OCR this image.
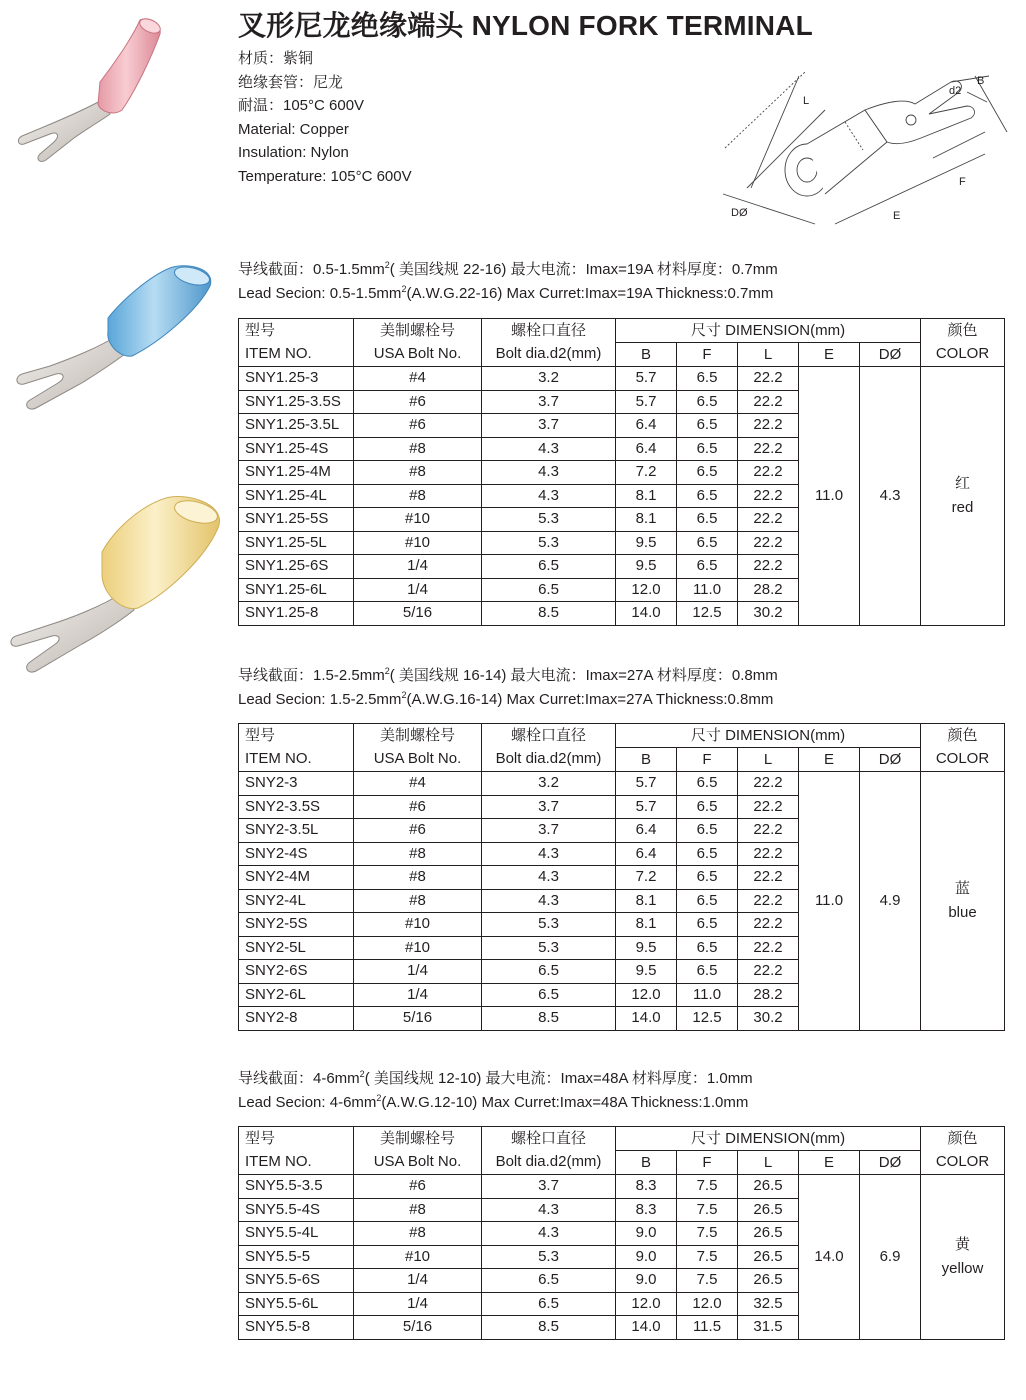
叉形尼龙绝缘端头 NYLON FORK TERMINAL
材质：紫铜
绝缘套管：尼龙
耐温：105°C 600V
Material: Copper
Insulation: Nylon
Temperature: 105°C 600V
L
B
d2
F
E
DØ
导线截面：$0.5-1.5mm^2$( 美国线规 22-16) 最大电流：Imax=19A 材料厚度：0.7mm
Lead Secion: $0.5-1.5mm^2(A.W.G.22-16)$ Max Curret:Imax=19A Thickness:0.7mm
型号	美制螺栓号	螺栓口直径	尺寸 DIMENSION(mm)					颜色
ITEM NO.	USA Bolt No.	Bolt dia.d2(mm)	B	F	L	E	DØ	COLOR
SNY1.25-3	#4	3.2	5.7	6.5	22.2	11.0	4.3	红
red

SNY1.25-3.5S	#6	3.7	5.7	6.5	22.2			
SNY1.25-3.5L	#6	3.7	6.4	6.5	22.2			
SNY1.25-4S	#8	4.3	6.4	6.5	22.2			
SNY1.25-4M	#8	4.3	7.2	6.5	22.2			
SNY1.25-4L	#8	4.3	8.1	6.5	22.2			
SNY1.25-5S	#10	5.3	8.1	6.5	22.2			
SNY1.25-5L	#10	5.3	9.5	6.5	22.2			
SNY1.25-6S	1/4	6.5	9.5	6.5	22.2			
SNY1.25-6L	1/4	6.5	12.0	11.0	28.2			
SNY1.25-8	5/16	8.5	14.0	12.5	30.2			
导线截面：$1.5-2.5mm^2$( 美国线规 16-14) 最大电流：Imax=27A 材料厚度：0.8mm
Lead Secion: $1.5-2.5mm^2(A.W.G.16-14)$ Max Curret:Imax=27A Thickness:0.8mm
型号	美制螺栓号	螺栓口直径	尺寸 DIMENSION(mm)					颜色
ITEM NO.	USA Bolt No.	Bolt dia.d2(mm)	B	F	L	E	DØ	COLOR
SNY2-3	#4	3.2	5.7	6.5	22.2	11.0	4.9	蓝
blue

SNY2-3.5S	#6	3.7	5.7	6.5	22.2			
SNY2-3.5L	#6	3.7	6.4	6.5	22.2			
SNY2-4S	#8	4.3	6.4	6.5	22.2			
SNY2-4M	#8	4.3	7.2	6.5	22.2			
SNY2-4L	#8	4.3	8.1	6.5	22.2			
SNY2-5S	#10	5.3	8.1	6.5	22.2			
SNY2-5L	#10	5.3	9.5	6.5	22.2			
SNY2-6S	1/4	6.5	9.5	6.5	22.2			
SNY2-6L	1/4	6.5	12.0	11.0	28.2			
SNY2-8	5/16	8.5	14.0	12.5	30.2			
导线截面：$4-6mm^2$( 美国线规 12-10) 最大电流：Imax=48A 材料厚度：1.0mm
Lead Secion: $4-6mm^2(A.W.G.12-10)$ Max Curret:Imax=48A Thickness:1.0mm
型号	美制螺栓号	螺栓口直径	尺寸 DIMENSION(mm)					颜色
ITEM NO.	USA Bolt No.	Bolt dia.d2(mm)	B	F	L	E	DØ	COLOR
SNY5.5-3.5	#6	3.7	8.3	7.5	26.5	14.0	6.9	黄
yellow

SNY5.5-4S	#8	4.3	8.3	7.5	26.5			
SNY5.5-4L	#8	4.3	9.0	7.5	26.5			
SNY5.5-5	#10	5.3	9.0	7.5	26.5			
SNY5.5-6S	1/4	6.5	9.0	7.5	26.5			
SNY5.5-6L	1/4	6.5	12.0	12.0	32.5			
SNY5.5-8	5/16	8.5	14.0	11.5	31.5			
